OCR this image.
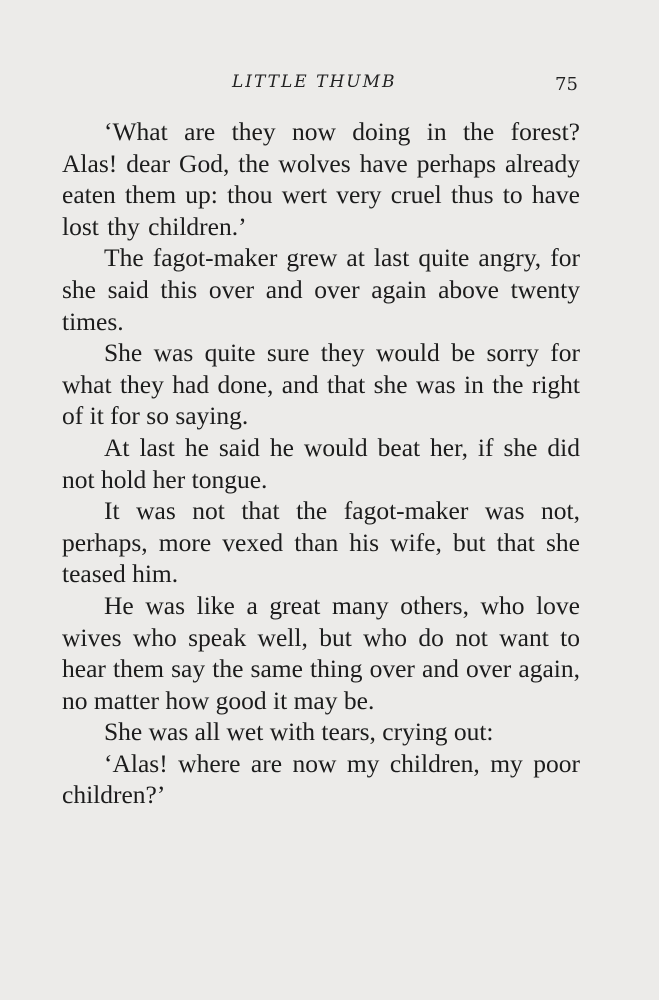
LITTLE THUMB	75

‘What are they now doing in the forest? Alas! dear God, the wolves have perhaps already eaten them up: thou wert very cruel thus to have lost thy children.’

The fagot-maker grew at last quite angry, for she said this over and over again above twenty times.

She was quite sure they would be sorry for what they had done, and that she was in the right of it for so saying.

At last he said he would beat her, if she did not hold her tongue.

It was not that the fagot-maker was not, perhaps, more vexed than his wife, but that she teased him.

He was like a great many others, who love wives who speak well, but who do not want to hear them say the same thing over and over again, no matter how good it may be.

She was all wet with tears, crying out:

‘Alas! where are now my children, my poor children?’
